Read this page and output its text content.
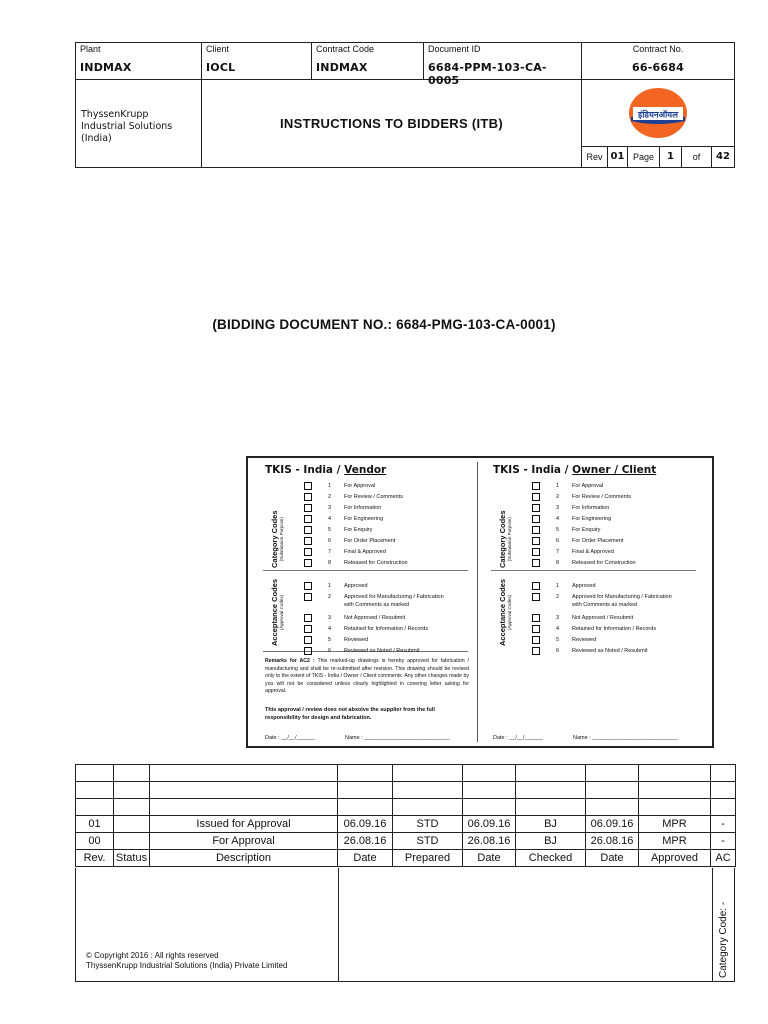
Plant
INDMAX
Client
IOCL
Contract Code
INDMAX
Document ID
6684-PPM-103-CA-0005
Contract No.
66-6684
ThyssenKrupp
Industrial Solutions (India)
INSTRUCTIONS TO BIDDERS (ITB)
इंडियनऑयल
Rev 01 Page	1	of	42
(BIDDING DOCUMENT NO.: 6684-PMG-103-CA-0001)
TKIS - India / Vendor
Category Codes (Submission Purpose)
Acceptance Codes (Approval Codes)
Remarks for AC2 : This marked-up drawings is hereby approved for fabrication / manufacturing and shall be re-submitted after revision. This drawing should be revised only to the extent of TKIS - India / Owner / Client comments. Any other changes made by you will not be considered unless clearly highlighted in covering letter asking for approval.
This approval / review does not absolve the supplier from the full responsibility for design and fabrication.
Date : __/__/______	Name : ____________________________
1 For Approval
2 For Review / Comments
3 For Information
4 For Engineering
5 For Enquiry
6 For Order Placement
7 Final & Approved
8 Released for Construction
1 Approved
2 Approved for Manufacturing / Fabrication
with Comments as marked
3 Not Approved / Resubmit
4 Retained for Information / Records
5 Reviewed
6 Reviewed as Noted / Resubmit
TKIS - India / Owner / Client
Category Codes (Submission Purpose)
Acceptance Codes (Approval Codes)
Date : __/__/______	Name : ____________________________
1 For Approval
2 For Review / Comments
3 For Information
4 For Engineering
5 For Enquiry
6 For Order Placement
7 Final & Approved
8 Released for Construction
1 Approved
2 Approved for Manufacturing / Fabrication
with Comments as marked
3 Not Approved / Resubmit
4 Retained for Information / Records
5 Reviewed
6 Reviewed as Noted / Resubmit

01		Issued for Approval	06.09.16	STD	06.09.16	BJ	06.09.16	MPR	-
00		For Approval	26.08.16	STD	26.08.16	BJ	26.08.16	MPR	-
Rev.	Status	Description	Date	Prepared	Date	Checked	Date	Approved	AC
© Copyright 2016 : All rights reserved
ThyssenKrupp Industrial Solutions (India) Private Limited	Category Code: -
